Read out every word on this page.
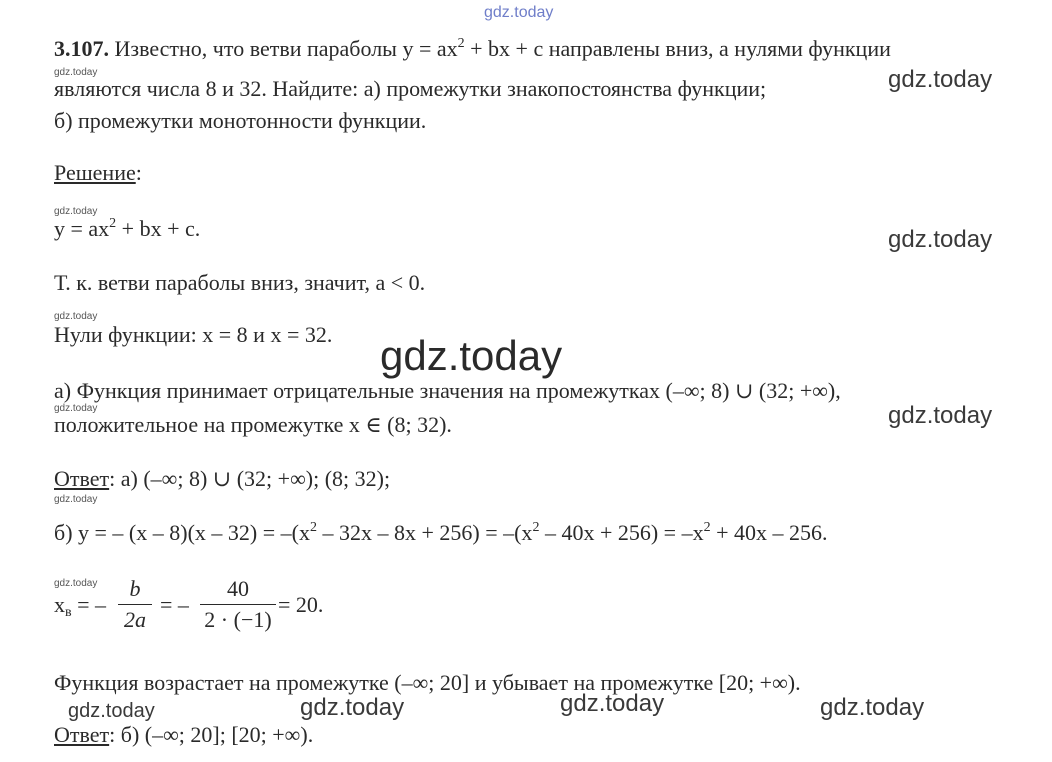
gdz.today
3.107. Известно, что ветви параболы $y = ax^2$ + bx + c направлены вниз, а нулями функции
gdz.today
являются числа 8 и 32. Найдите: а) промежутки знакопостоянства функции;	gdz.today
б) промежутки монотонности функции.
Решение:
gdz.today
$y = ax^2$ + bx + c.	gdz.today
Т. к. ветви параболы вниз, значит, a < 0.
gdz.today
Нули функции: x = 8 и x = 32. gdz.today
а) Функция принимает отрицательные значения на промежутках (–∞; 8) ∪ (32; +∞),
gdz.today	gdz.today
положительное на промежутке x ∈ (8; 32).
Ответ: а) (–∞; 8) ∪ (32; +∞); (8; 32);
gdz.today
б) y = – $(x - 8)(x - 32) = -(x^2 - 32x - 8x + 256) = -(x^2 - 40x + 256) = -x^2 + 40x - 256$.
gdz.today
$x_в$ = –
b
2a
= –
40
2 · (−1)
= 20.
Функция возрастает на промежутке (–∞; 20] и убывает на промежутке [20; +∞).
gdz.today	gdz.today	gdz.today	gdz.today
Ответ: б) (–∞; 20]; [20; +∞).
